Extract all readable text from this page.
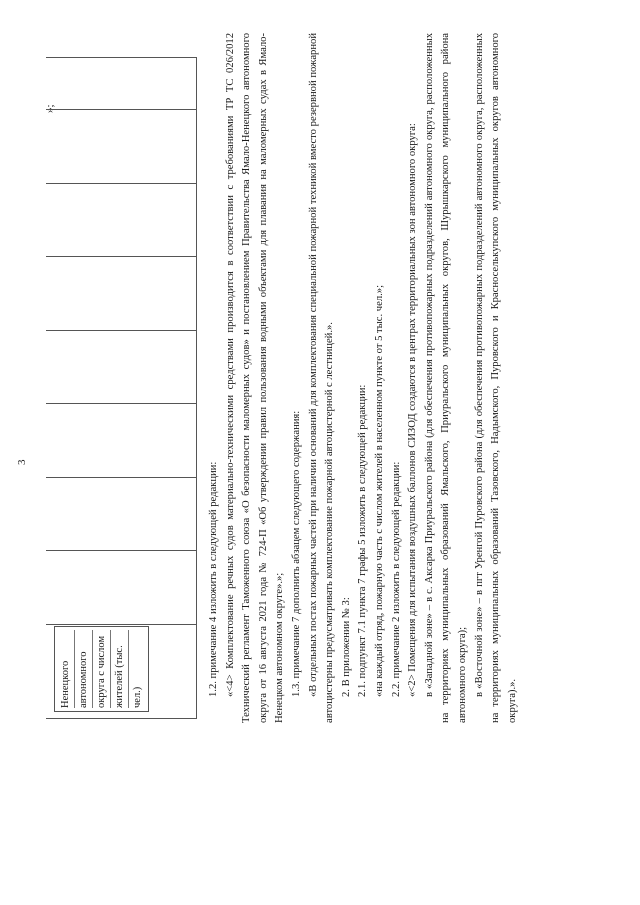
3
»;
Ненецкого автономного округа с числом жителей (тыс. чел.)

1.2. примечание 4 изложить в следующей редакции: «<4> Комплектование речных судов материально-техническими средствами производится в соответствии с требованиями ТР ТС 026/2012 Технический регламент Таможенного союза «О безопасности маломерных судов» и постановлением Правительства Ямало-Ненецкого автономного округа от 16 августа 2021 года № 724-П «Об утверждении правил пользования водными объектами для плавания на маломерных судах в Ямало-Ненецком автономном округе».»; 1.3. примечание 7 дополнить абзацем следующего содержания: «В отдельных постах пожарных частей при наличии оснований для комплектования специальной пожарной техникой вместо резервной пожарной автоцистерны предусматривать комплектование пожарной автоцистерной с лестницей.». 2. В приложении № 3: 2.1. подпункт 7.1 пункта 7 графы 5 изложить в следующей редакции: «на каждый отряд, пожарную часть с числом жителей в населенном пункте от 5 тыс. чел.»; 2.2. примечание 2 изложить в следующей редакции: «<2> Помещения для испытания воздушных баллонов СИЗОД создаются в центрах территориальных зон автономного округа: в «Западной зоне» – в с. Аксарка Приуральского района (для обеспечения противопожарных подразделений автономного округа, расположенных на территориях муниципальных образований Ямальского, Приуральского муниципальных округов, Шурышкарского муниципального района автономного округа); в «Восточной зоне» – в пгт Уренгой Пуровского района (для обеспечения противопожарных подразделений автономного округа, расположенных на территориях муниципальных образований Тазовского, Надымского, Пуровского и Красноселькупского муниципальных округов автономного округа).».
